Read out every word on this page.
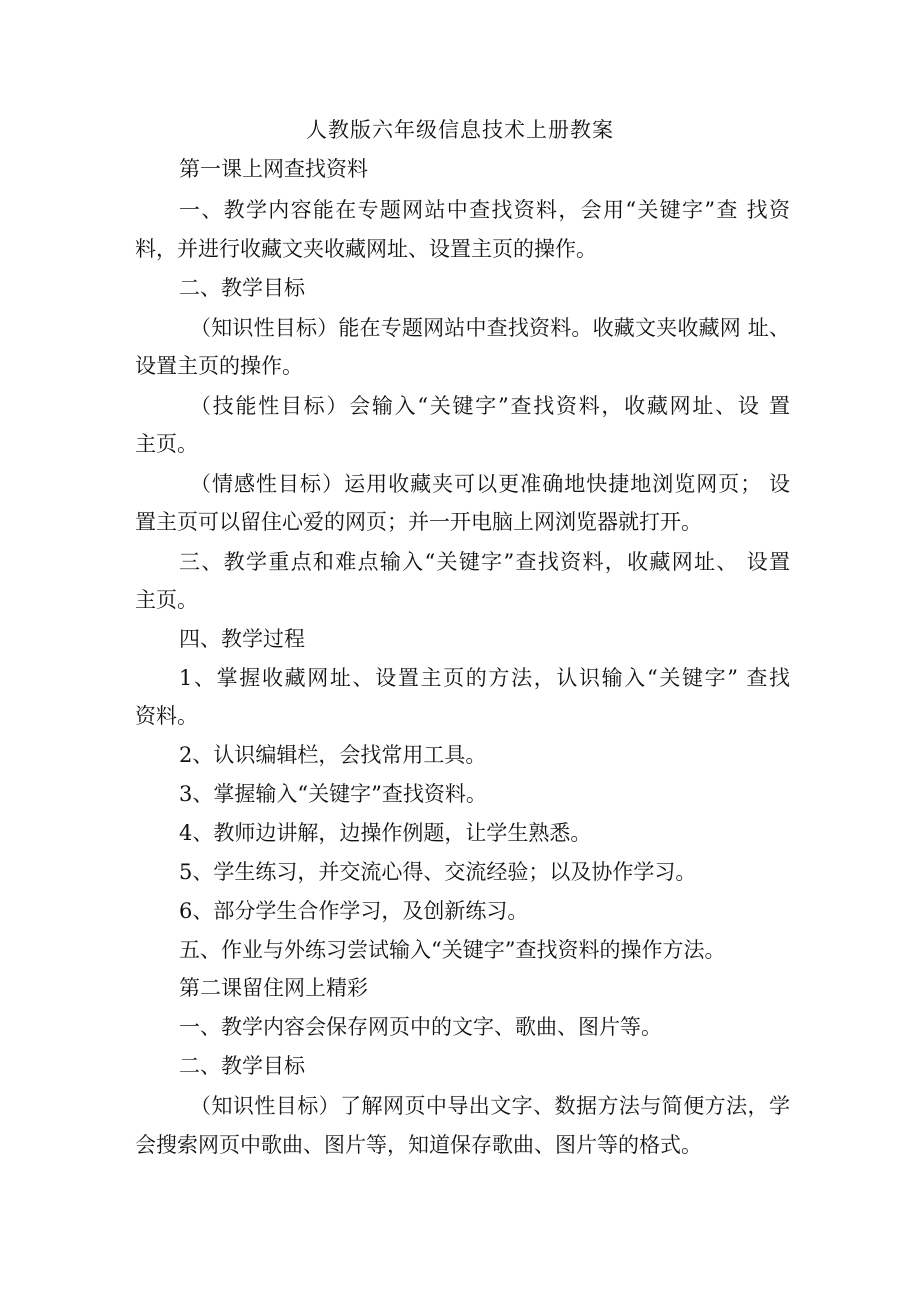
人教版六年级信息技术上册教案
第一课上网查找资料
一、教学内容能在专题网站中查找资料，会用“关键字”查 找资
料，并进行收藏文夹收藏网址、设置主页的操作。
二、教学目标
（知识性目标）能在专题网站中查找资料。收藏文夹收藏网 址、
设置主页的操作。
（技能性目标）会输入“关键字”查找资料，收藏网址、设 置
主页。
（情感性目标）运用收藏夹可以更准确地快捷地浏览网页； 设
置主页可以留住心爱的网页；并一开电脑上网浏览器就打开。
三、教学重点和难点输入“关键字”查找资料，收藏网址、 设置
主页。
四、教学过程
1、掌握收藏网址、设置主页的方法，认识输入“关键字” 查找
资料。
2、认识编辑栏，会找常用工具。
3、掌握输入“关键字”查找资料。
4、教师边讲解，边操作例题，让学生熟悉。
5、学生练习，并交流心得、交流经验；以及协作学习。
6、部分学生合作学习，及创新练习。
五、作业与外练习尝试输入“关键字”查找资料的操作方法。
第二课留住网上精彩
一、教学内容会保存网页中的文字、歌曲、图片等。
二、教学目标
（知识性目标）了解网页中导出文字、数据方法与简便方法，学
会搜索网页中歌曲、图片等，知道保存歌曲、图片等的格式。
